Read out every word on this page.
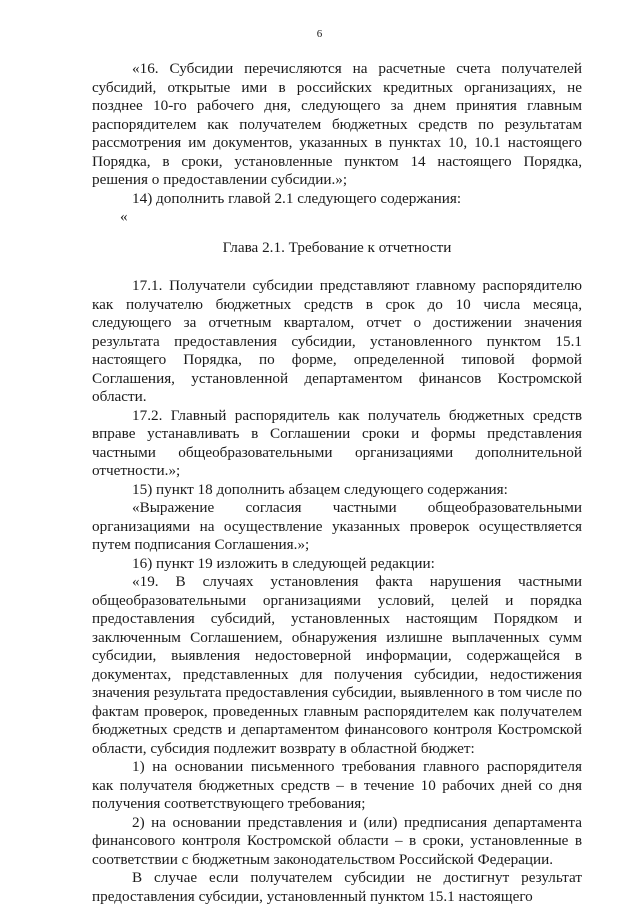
6

«16. Субсидии перечисляются на расчетные счета получателей субсидий, открытые ими в российских кредитных организациях, не позднее 10-го рабочего дня, следующего за днем принятия главным распорядителем как получателем бюджетных средств по результатам рассмотрения им документов, указанных в пунктах 10, 10.1 настоящего Порядка, в сроки, установленные пунктом 14 настоящего Порядка, решения о предоставлении субсидии.»;

14) дополнить главой 2.1 следующего содержания:

«

Глава 2.1. Требование к отчетности

17.1. Получатели субсидии представляют главному распорядителю как получателю бюджетных средств в срок до 10 числа месяца, следующего за отчетным кварталом, отчет о достижении значения результата предоставления субсидии, установленного пунктом 15.1 настоящего Порядка, по форме, определенной типовой формой Соглашения, установленной департаментом финансов Костромской области.

17.2. Главный распорядитель как получатель бюджетных средств вправе устанавливать в Соглашении сроки и формы представления частными общеобразовательными организациями дополнительной отчетности.»;

15) пункт 18 дополнить абзацем следующего содержания:

«Выражение согласия частными общеобразовательными организациями на осуществление указанных проверок осуществляется путем подписания Соглашения.»;

16) пункт 19 изложить в следующей редакции:

«19. В случаях установления факта нарушения частными общеобразовательными организациями условий, целей и порядка предоставления субсидий, установленных настоящим Порядком и заключенным Соглашением, обнаружения излишне выплаченных сумм субсидии, выявления недостоверной информации, содержащейся в документах, представленных для получения субсидии, недостижения значения результата предоставления субсидии, выявленного в том числе по фактам проверок, проведенных главным распорядителем как получателем бюджетных средств и департаментом финансового контроля Костромской области, субсидия подлежит возврату в областной бюджет:

1) на основании письменного требования главного распорядителя как получателя бюджетных средств – в течение 10 рабочих дней со дня получения соответствующего требования;

2) на основании представления и (или) предписания департамента финансового контроля Костромской области – в сроки, установленные в соответствии с бюджетным законодательством Российской Федерации.

В случае если получателем субсидии не достигнут результат предоставления субсидии, установленный пунктом 15.1 настоящего
